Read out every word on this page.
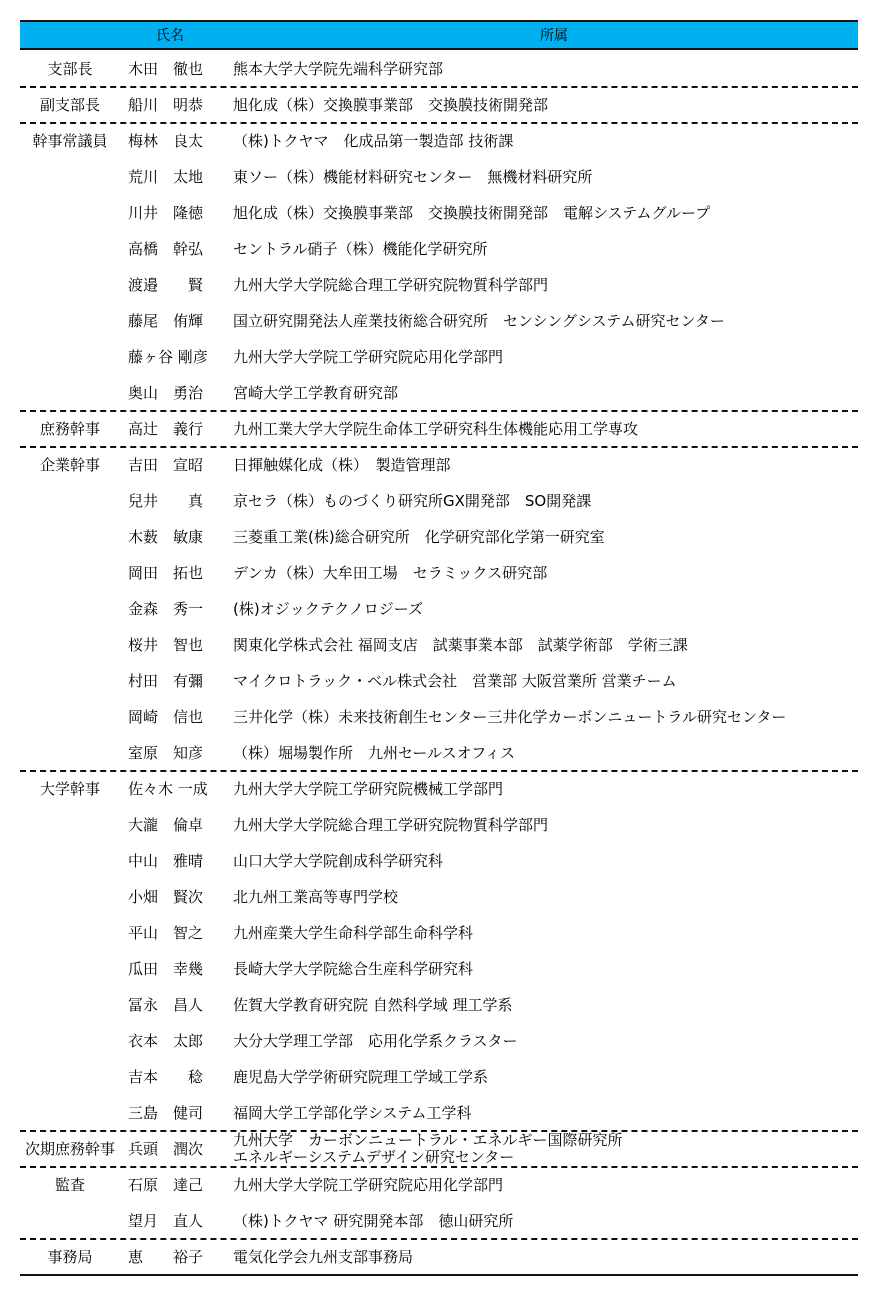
氏名	所属
支部長	木田　徹也 熊本大学大学院先端科学研究部
副支部長	船川　明恭 旭化成（株）交換膜事業部　交換膜技術開発部
幹事常議員	梅林　良太 （株)トクヤマ　化成品第一製造部 技術課
荒川　太地 東ソー（株）機能材料研究センター　無機材料研究所
川井　隆徳 旭化成（株）交換膜事業部　交換膜技術開発部　電解システムグループ
高橋　幹弘 セントラル硝子（株）機能化学研究所
渡邉　　賢 九州大学大学院総合理工学研究院物質科学部門
藤尾　侑輝 国立研究開発法人産業技術総合研究所　センシングシステム研究センター
藤ヶ谷 剛彦 九州大学大学院工学研究院応用化学部門
奥山　勇治 宮崎大学工学教育研究部
庶務幹事	高辻　義行 九州工業大学大学院生命体工学研究科生体機能応用工学専攻
企業幹事	吉田　宣昭 日揮触媒化成（株）　製造管理部
兒井　　真 京セラ（株）ものづくり研究所GX開発部　SO開発課
木薮　敏康 三菱重工業(株)総合研究所　化学研究部化学第一研究室
岡田　拓也 デンカ（株）大牟田工場　セラミックス研究部
金森　秀一 (株)オジックテクノロジーズ
桜井　智也 関東化学株式会社 福岡支店　試薬事業本部　試薬学術部　学術三課
村田　有彌 マイクロトラック・ベル株式会社　営業部 大阪営業所 営業チーム
岡崎　信也 三井化学（株）未来技術創生センター三井化学カーボンニュートラル研究センター
室原　知彦 （株）堀場製作所　九州セールスオフィス
大学幹事	佐々木 一成 九州大学大学院工学研究院機械工学部門
大瀧　倫卓 九州大学大学院総合理工学研究院物質科学部門
中山　雅晴 山口大学大学院創成科学研究科
小畑　賢次 北九州工業高等専門学校
平山　智之 九州産業大学生命科学部生命科学科
瓜田　幸幾 長崎大学大学院総合生産科学研究科
冨永　昌人 佐賀大学教育研究院 自然科学域 理工学系
衣本　太郎 大分大学理工学部　応用化学系クラスター
吉本　　稔 鹿児島大学学術研究院理工学域工学系
三島　健司 福岡大学工学部化学システム工学科
次期庶務幹事 兵頭　潤次 九州大学　カーボンニュートラル・エネルギー国際研究所
エネルギーシステムデザイン研究センター
監査	石原　達己 九州大学大学院工学研究院応用化学部門
望月　直人 （株)トクヤマ 研究開発本部　徳山研究所
事務局	恵　　裕子 電気化学会九州支部事務局
